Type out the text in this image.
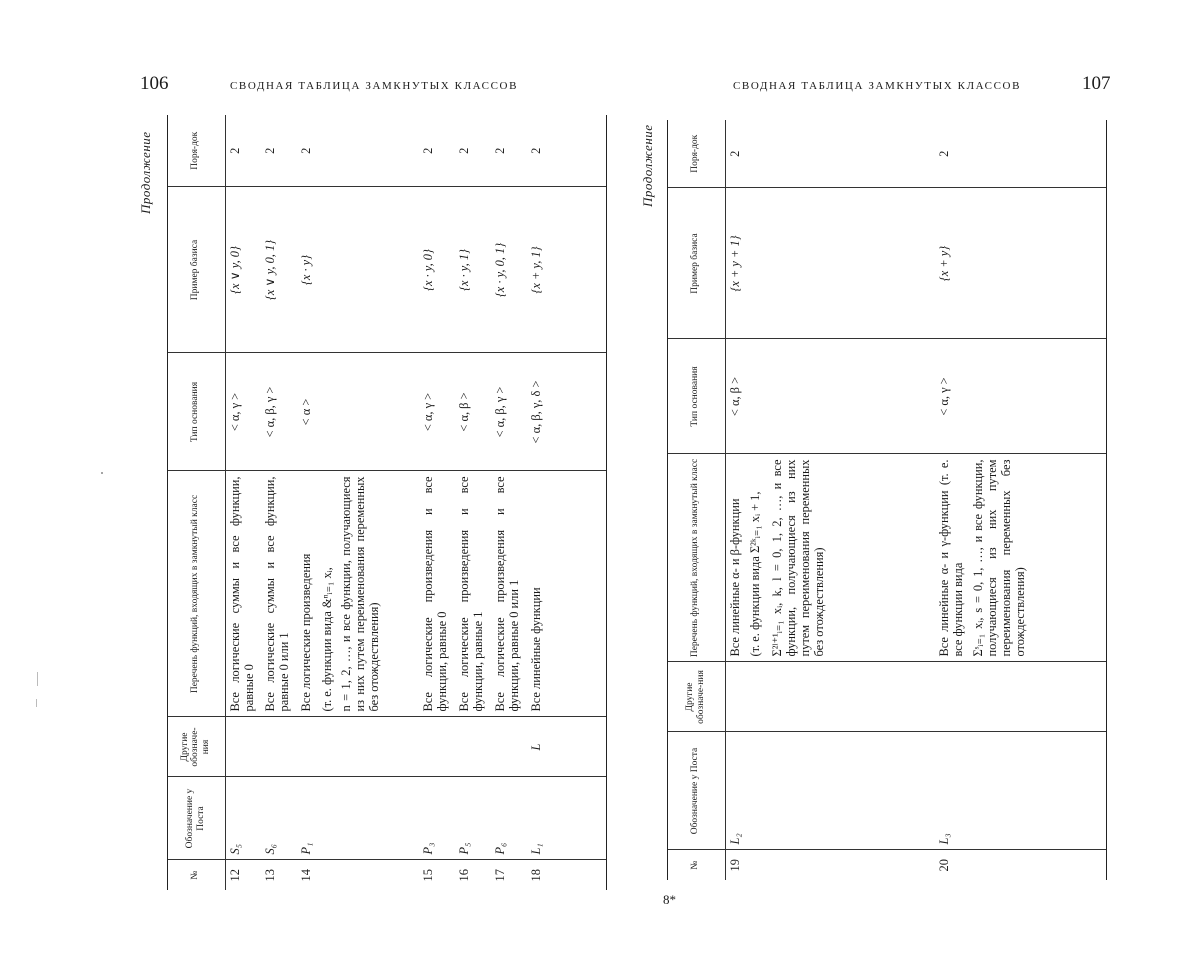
106	СВОДНАЯ ТАБЛИЦА ЗАМКНУТЫХ КЛАССОВ
Продолжение
№	Обозначение у Поста	Другие обозначе-ния	Перечень функций, входящих в замкнутый класс	Тип основания	Пример базиса	Поря-док
12	S₅		Все логические суммы и все функции, равные 0	< α, γ >	{x ∨ y, 0}	2
13	S₆		Все логические суммы и все функции, равные 0 или 1	< α, β, γ >	{x ∨ y, 0, 1}	2
14	P₁		Все логические произведения (т. е. функции вида &ⁿᵢ₌₁ xᵢ, n = 1, 2, …, и все функции, получающиеся из них путем переименования переменных без отождествления)	< α >	{x · y}	2
15	P₃		Все логические произведения и все функции, равные 0	< α, γ >	{x · y, 0}	2
16	P₅		Все логические произведения и все функции, равные 1	< α, β >	{x · y, 1}	2
17	P₆		Все логические произведения и все функции, равные 0 или 1	< α, β, γ >	{x · y, 0, 1}	2
18	L₁	L	Все линейные функции	< α, β, γ, δ >	{x + y, 1}	2
СВОДНАЯ ТАБЛИЦА ЗАМКНУТЫХ КЛАССОВ	107
Продолжение
№	Обозначение у Поста	Другие обозначе-ния	Перечень функций, входящих в замкнутый класс	Тип основания	Пример базиса	Поря-док
19	L₂		Все линейные α- и β-функции (т. е. функции вида Σ²ᵏᵢ₌₁ xᵢ + 1, Σ²ˡ⁺¹ᵢ₌₁ xᵢ, k, l = 0, 1, 2, …, и все функции, получающиеся из них путем переименования переменных без отождествления)	< α, β >	{x + y + 1}	2
20	L₃		Все линейные α- и γ-функции (т. е. все функции вида Σˢᵢ₌₁ xᵢ, s = 0, 1, …, и все функции, получающиеся из них путем переименования переменных без отождествления)	< α, γ >	{x + y}	2
8*
